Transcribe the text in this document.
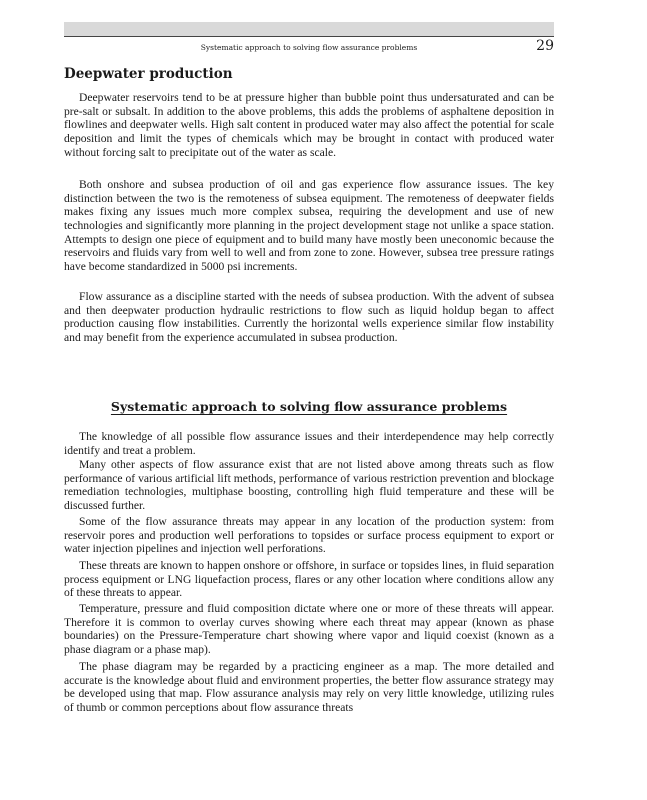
Systematic approach to solving flow assurance problems	29
Deepwater production

Deepwater reservoirs tend to be at pressure higher than bubble point thus undersaturated and can be pre-salt or subsalt. In addition to the above problems, this adds the problems of asphaltene deposition in flowlines and deepwater wells. High salt content in produced water may also affect the potential for scale deposition and limit the types of chemicals which may be brought in contact with produced water without forcing salt to precipitate out of the water as scale.

Both onshore and subsea production of oil and gas experience flow assurance issues. The key distinction between the two is the remoteness of subsea equipment. The remoteness of deepwater fields makes fixing any issues much more complex subsea, requiring the development and use of new technologies and significantly more planning in the project development stage not unlike a space station. Attempts to design one piece of equipment and to build many have mostly been uneconomic because the reservoirs and fluids vary from well to well and from zone to zone. However, subsea tree pressure ratings have become standardized in 5000 psi increments.

Flow assurance as a discipline started with the needs of subsea production. With the advent of subsea and then deepwater production hydraulic restrictions to flow such as liquid holdup began to affect production causing flow instabilities. Currently the horizontal wells experience similar flow instability and may benefit from the experience accumulated in subsea production.

Systematic approach to solving flow assurance problems

The knowledge of all possible flow assurance issues and their interdependence may help correctly identify and treat a problem.

Many other aspects of flow assurance exist that are not listed above among threats such as flow performance of various artificial lift methods, performance of various restriction prevention and blockage remediation technologies, multiphase boosting, controlling high fluid temperature and these will be discussed further.

Some of the flow assurance threats may appear in any location of the production system: from reservoir pores and production well perforations to topsides or surface process equipment to export or water injection pipelines and injection well perforations.

These threats are known to happen onshore or offshore, in surface or topsides lines, in fluid separation process equipment or LNG liquefaction process, flares or any other location where conditions allow any of these threats to appear.

Temperature, pressure and fluid composition dictate where one or more of these threats will appear. Therefore it is common to overlay curves showing where each threat may appear (known as phase boundaries) on the Pressure-Temperature chart showing where vapor and liquid coexist (known as a phase diagram or a phase map).

The phase diagram may be regarded by a practicing engineer as a map. The more detailed and accurate is the knowledge about fluid and environment properties, the better flow assurance strategy may be developed using that map. Flow assurance analysis may rely on very little knowledge, utilizing rules of thumb or common perceptions about flow assurance threats
